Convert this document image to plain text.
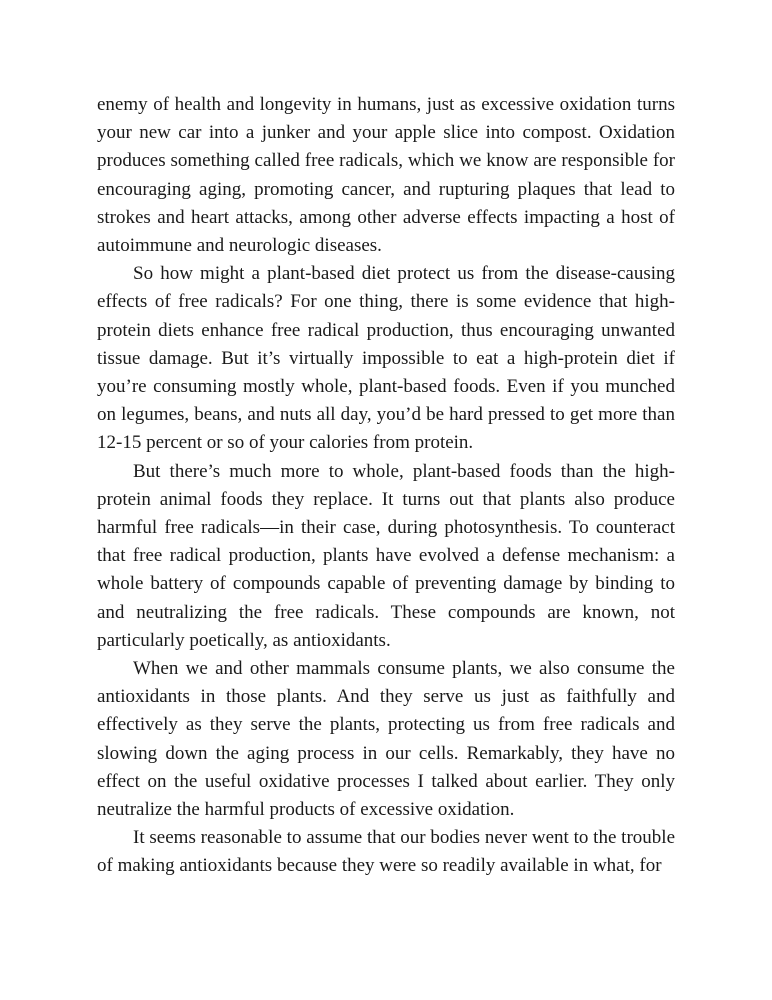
enemy of health and longevity in humans, just as excessive oxidation turns your new car into a junker and your apple slice into compost. Oxidation produces something called free radicals, which we know are responsible for encouraging aging, promoting cancer, and rupturing plaques that lead to strokes and heart attacks, among other adverse effects impacting a host of autoimmune and neurologic diseases.

So how might a plant-based diet protect us from the disease-causing effects of free radicals? For one thing, there is some evidence that high-protein diets enhance free radical production, thus encouraging unwanted tissue damage. But it’s virtually impossible to eat a high-protein diet if you’re consuming mostly whole, plant-based foods. Even if you munched on legumes, beans, and nuts all day, you’d be hard pressed to get more than 12-15 percent or so of your calories from protein.

But there’s much more to whole, plant-based foods than the high-protein animal foods they replace. It turns out that plants also produce harmful free radicals—in their case, during photosynthesis. To counteract that free radical production, plants have evolved a defense mechanism: a whole battery of compounds capable of preventing damage by binding to and neutralizing the free radicals. These compounds are known, not particularly poetically, as antioxidants.

When we and other mammals consume plants, we also consume the antioxidants in those plants. And they serve us just as faithfully and effectively as they serve the plants, protecting us from free radicals and slowing down the aging process in our cells. Remarkably, they have no effect on the useful oxidative processes I talked about earlier. They only neutralize the harmful products of excessive oxidation.

It seems reasonable to assume that our bodies never went to the trouble of making antioxidants because they were so readily available in what, for
